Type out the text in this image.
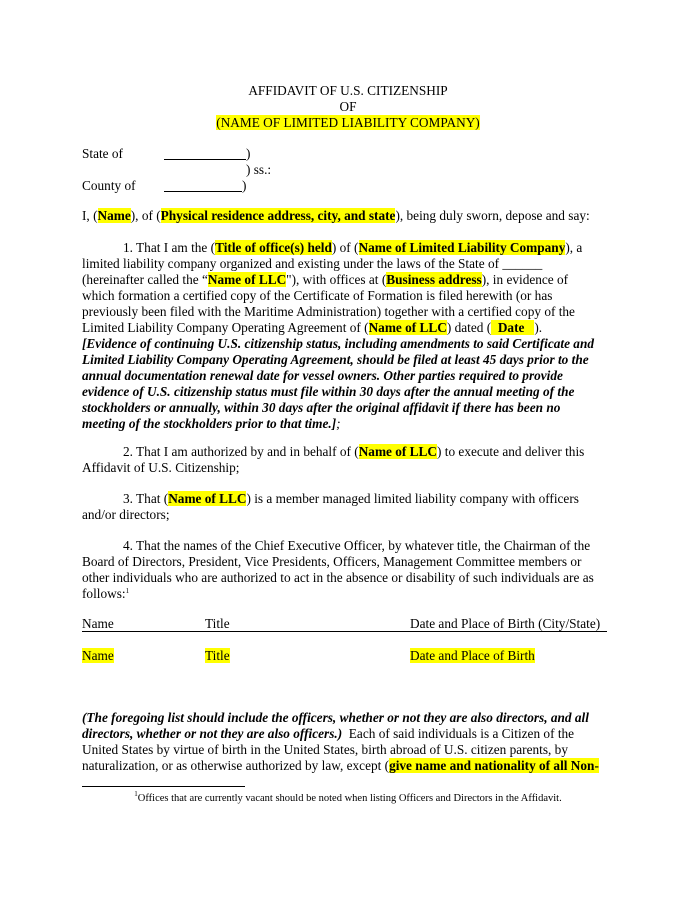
AFFIDAVIT OF U.S. CITIZENSHIP
OF
(NAME OF LIMITED LIABILITY COMPANY)
State of	)
) ss.:
County of	)
I, (Name), of (Physical residence address, city, and state), being duly sworn, depose and say:
1. That I am the (Title of office(s) held) of (Name of Limited Liability Company), a
limited liability company organized and existing under the laws of the State of ______
(hereinafter called the “Name of LLC"), with offices at (Business address), in evidence of
which formation a certified copy of the Certificate of Formation is filed herewith (or has
previously been filed with the Maritime Administration) together with a certified copy of the
Limited Liability Company Operating Agreement of (Name of LLC) dated (  Date   ).
[Evidence of continuing U.S. citizenship status, including amendments to said Certificate and
Limited Liability Company Operating Agreement, should be filed at least 45 days prior to the
annual documentation renewal date for vessel owners. Other parties required to provide
evidence of U.S. citizenship status must file within 30 days after the annual meeting of the
stockholders or annually, within 30 days after the original affidavit if there has been no
meeting of the stockholders prior to that time.];
2. That I am authorized by and in behalf of (Name of LLC) to execute and deliver this
Affidavit of U.S. Citizenship;
3. That (Name of LLC) is a member managed limited liability company with officers
and/or directors;
4. That the names of the Chief Executive Officer, by whatever title, the Chairman of the
Board of Directors, President, Vice Presidents, Officers, Management Committee members or
other individuals who are authorized to act in the absence or disability of such individuals are as
follows:$^1$
Name	Title	Date and Place of Birth (City/State)
Name	Title	Date and Place of Birth
(The foregoing list should include the officers, whether or not they are also directors, and all
directors, whether or not they are also officers.)  Each of said individuals is a Citizen of the
United States by virtue of birth in the United States, birth abroad of U.S. citizen parents, by
naturalization, or as otherwise authorized by law, except (give name and nationality of all Non-
$^1$Offices that are currently vacant should be noted when listing Officers and Directors in the Affidavit.
